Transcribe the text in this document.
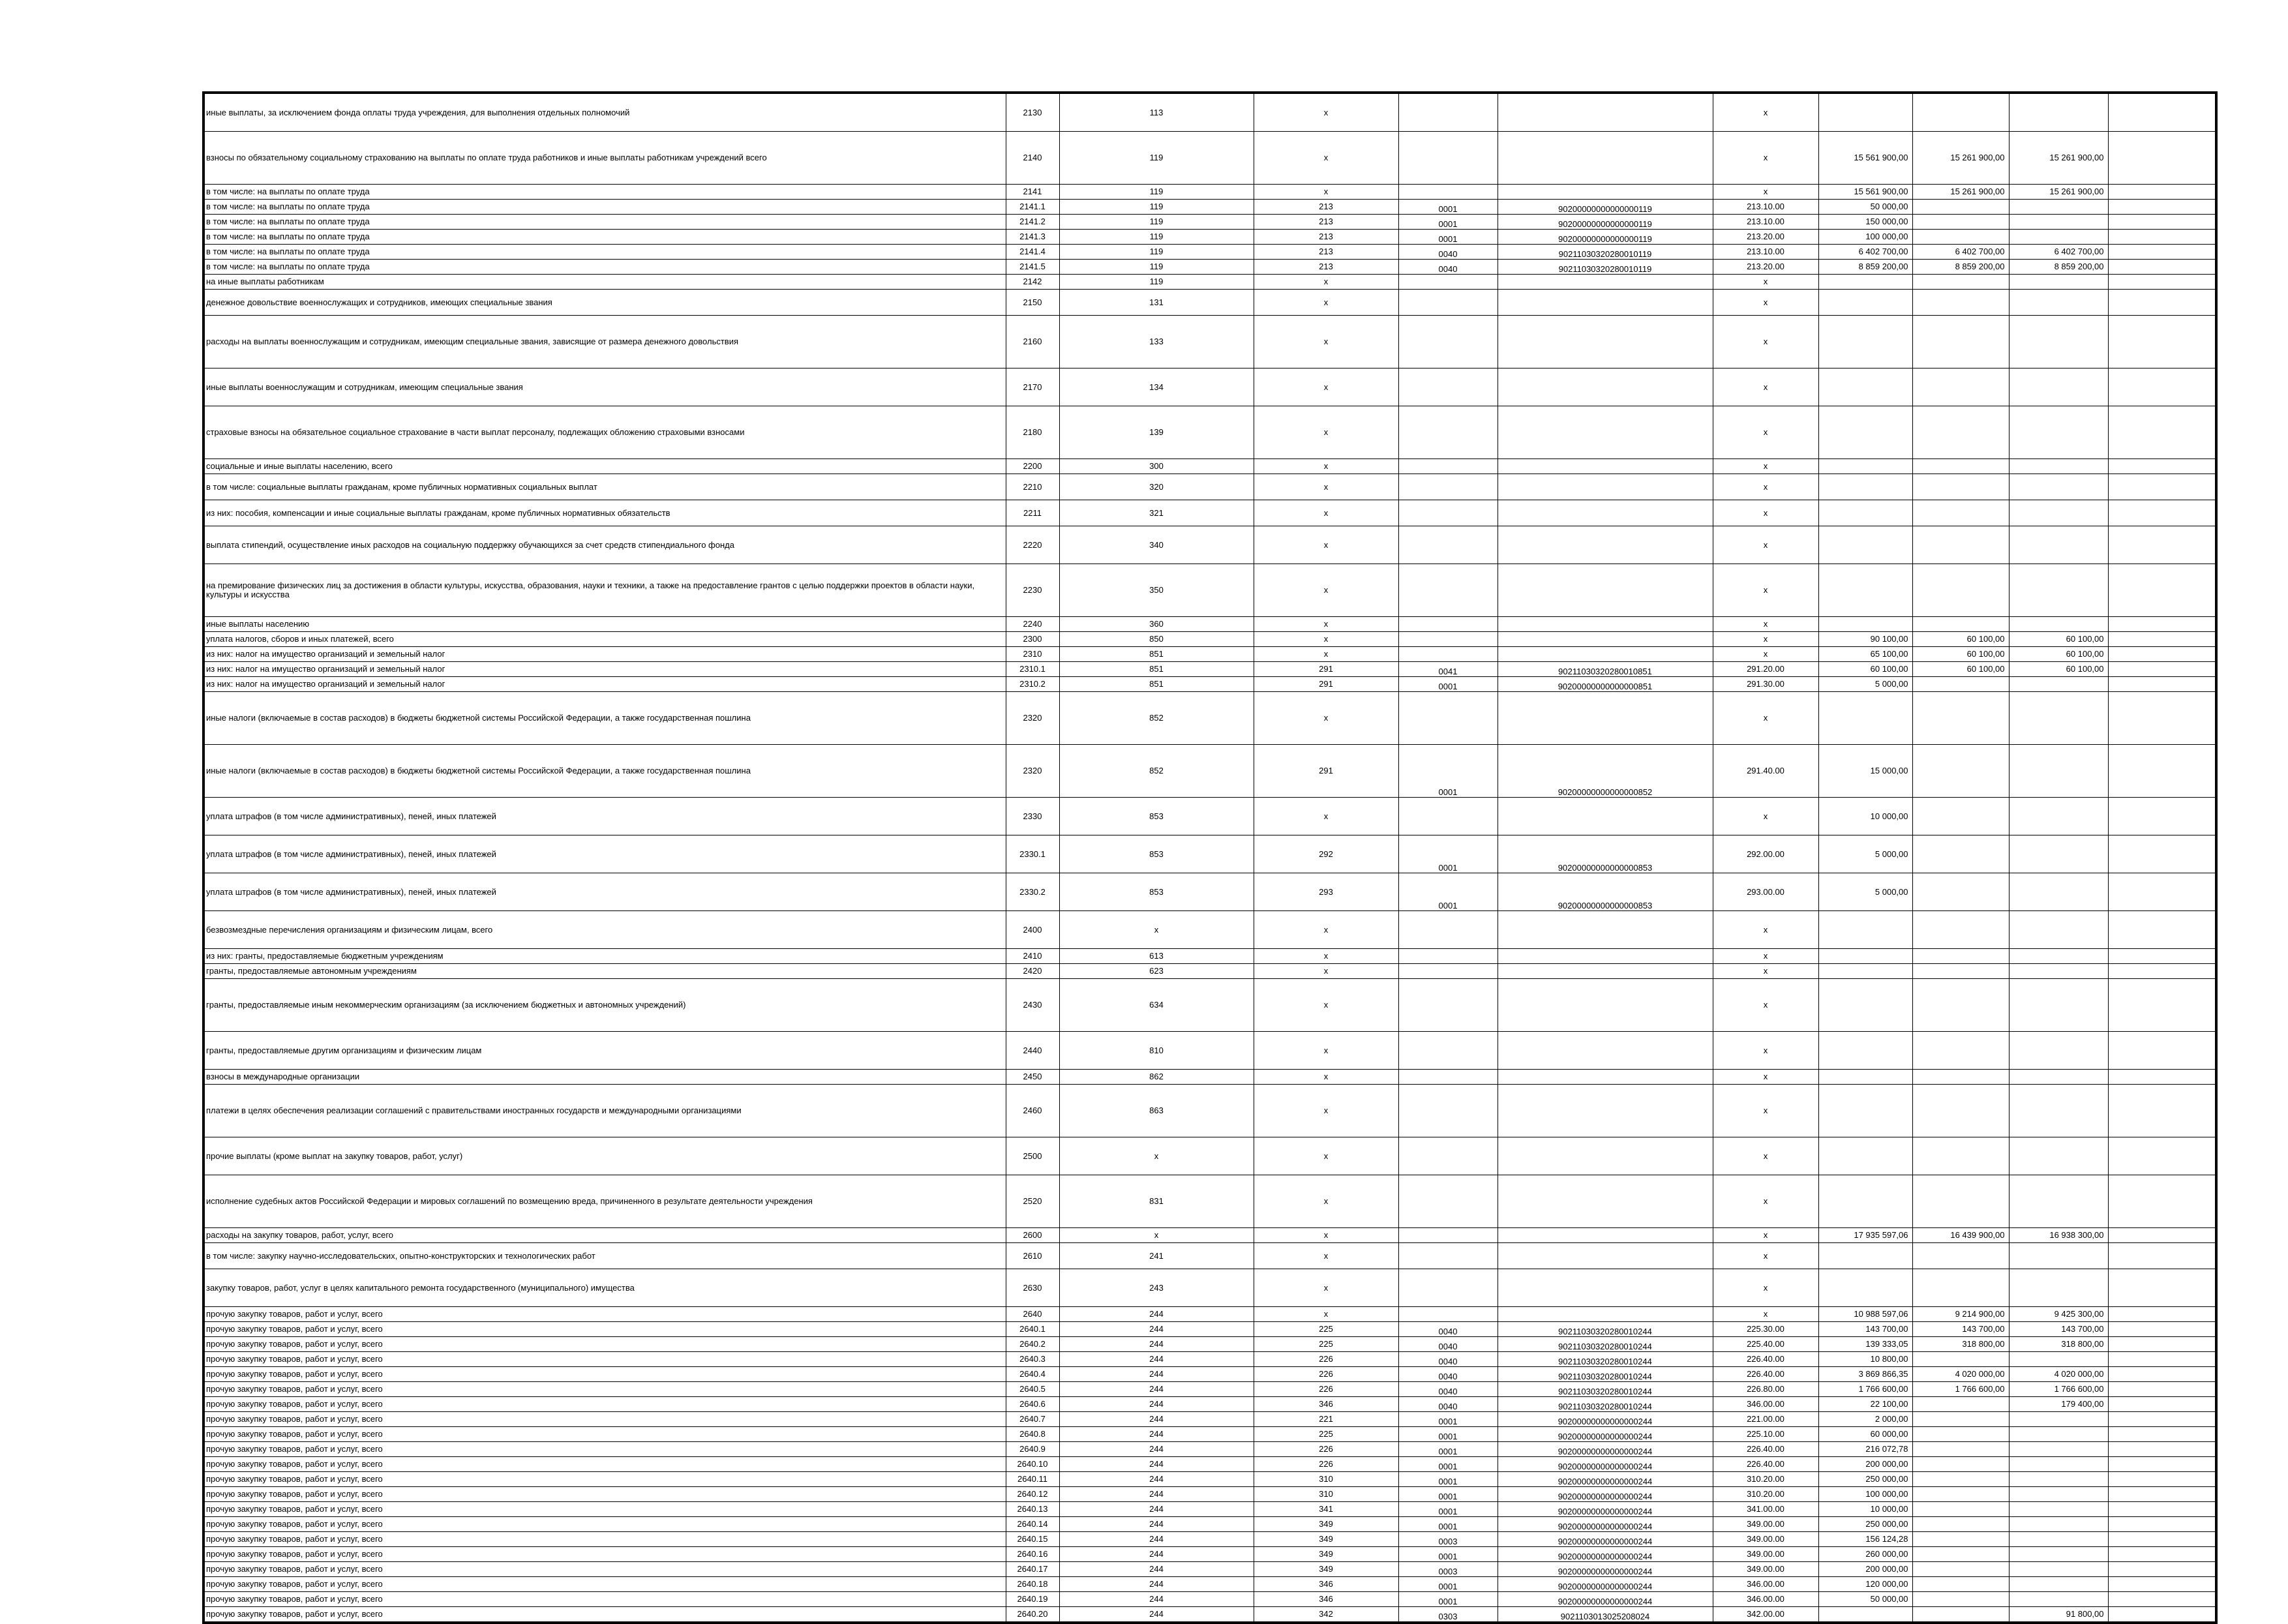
иные выплаты, за исключением фонда оплаты труда учреждения, для выполнения отдельных полномочий	2130	113	x			x				
взносы по обязательному социальному страхованию на выплаты по оплате труда работников и иные выплаты работникам учреждений всего	2140	119	x			x	15 561 900,00	15 261 900,00	15 261 900,00	
в том числе: на выплаты по оплате труда	2141	119	x			x	15 561 900,00	15 261 900,00	15 261 900,00	
в том числе: на выплаты по оплате труда	2141.1	119	213	0001	90200000000000000119	213.10.00	50 000,00			
в том числе: на выплаты по оплате труда	2141.2	119	213	0001	90200000000000000119	213.10.00	150 000,00			
в том числе: на выплаты по оплате труда	2141.3	119	213	0001	90200000000000000119	213.20.00	100 000,00			
в том числе: на выплаты по оплате труда	2141.4	119	213	0040	90211030320280010119	213.10.00	6 402 700,00	6 402 700,00	6 402 700,00	
в том числе: на выплаты по оплате труда	2141.5	119	213	0040	90211030320280010119	213.20.00	8 859 200,00	8 859 200,00	8 859 200,00	
на иные выплаты работникам	2142	119	x			x				
денежное довольствие военнослужащих и сотрудников, имеющих специальные звания	2150	131	x			x				
расходы на выплаты военнослужащим и сотрудникам, имеющим специальные звания, зависящие от размера денежного довольствия	2160	133	x			x				
иные выплаты военнослужащим и сотрудникам, имеющим специальные звания	2170	134	x			x				
страховые взносы на обязательное социальное страхование в части выплат персоналу, подлежащих обложению страховыми взносами	2180	139	x			x				
социальные и иные выплаты населению, всего	2200	300	x			x				
в том числе: социальные выплаты гражданам, кроме публичных нормативных социальных выплат	2210	320	x			x				
из них: пособия, компенсации и иные социальные выплаты гражданам, кроме публичных нормативных обязательств	2211	321	x			x				
выплата стипендий, осуществление иных расходов на социальную поддержку обучающихся за счет средств стипендиального фонда	2220	340	x			x				
на премирование физических лиц за достижения в области культуры, искусства, образования, науки и техники, а также на предоставление грантов с целью поддержки проектов в области науки, культуры и искусства	2230	350	x			x				
иные выплаты населению	2240	360	x			x				
уплата налогов, сборов и иных платежей, всего	2300	850	x			x	90 100,00	60 100,00	60 100,00	
из них: налог на имущество организаций и земельный налог	2310	851	x			x	65 100,00	60 100,00	60 100,00	
из них: налог на имущество организаций и земельный налог	2310.1	851	291	0041	90211030320280010851	291.20.00	60 100,00	60 100,00	60 100,00	
из них: налог на имущество организаций и земельный налог	2310.2	851	291	0001	90200000000000000851	291.30.00	5 000,00			
иные налоги (включаемые в состав расходов) в бюджеты бюджетной системы Российской Федерации, а также государственная пошлина	2320	852	x			x				
иные налоги (включаемые в состав расходов) в бюджеты бюджетной системы Российской Федерации, а также государственная пошлина	2320	852	291	0001	90200000000000000852	291.40.00	15 000,00			
уплата штрафов (в том числе административных), пеней, иных платежей	2330	853	x			x	10 000,00			
уплата штрафов (в том числе административных), пеней, иных платежей	2330.1	853	292	0001	90200000000000000853	292.00.00	5 000,00			
уплата штрафов (в том числе административных), пеней, иных платежей	2330.2	853	293	0001	90200000000000000853	293.00.00	5 000,00			
безвозмездные перечисления организациям и физическим лицам, всего	2400	x	x			x				
из них: гранты, предоставляемые бюджетным учреждениям	2410	613	x			x				
гранты, предоставляемые автономным учреждениям	2420	623	x			x				
гранты, предоставляемые иным некоммерческим организациям (за исключением бюджетных и автономных учреждений)	2430	634	x			x				
гранты, предоставляемые другим организациям и физическим лицам	2440	810	x			x				
взносы в международные организации	2450	862	x			x				
платежи в целях обеспечения реализации соглашений с правительствами иностранных государств и международными организациями	2460	863	x			x				
прочие выплаты (кроме выплат на закупку товаров, работ, услуг)	2500	x	x			x				
исполнение судебных актов Российской Федерации и мировых соглашений по возмещению вреда, причиненного в результате деятельности учреждения	2520	831	x			x				
расходы на закупку товаров, работ, услуг, всего	2600	x	x			x	17 935 597,06	16 439 900,00	16 938 300,00	
в том числе: закупку научно-исследовательских, опытно-конструкторских и технологических работ	2610	241	x			x				
закупку товаров, работ, услуг в целях капитального ремонта государственного (муниципального) имущества	2630	243	x			x				
прочую закупку товаров, работ и услуг, всего	2640	244	x			x	10 988 597,06	9 214 900,00	9 425 300,00	
прочую закупку товаров, работ и услуг, всего	2640.1	244	225	0040	90211030320280010244	225.30.00	143 700,00	143 700,00	143 700,00	
прочую закупку товаров, работ и услуг, всего	2640.2	244	225	0040	90211030320280010244	225.40.00	139 333,05	318 800,00	318 800,00	
прочую закупку товаров, работ и услуг, всего	2640.3	244	226	0040	90211030320280010244	226.40.00	10 800,00			
прочую закупку товаров, работ и услуг, всего	2640.4	244	226	0040	90211030320280010244	226.40.00	3 869 866,35	4 020 000,00	4 020 000,00	
прочую закупку товаров, работ и услуг, всего	2640.5	244	226	0040	90211030320280010244	226.80.00	1 766 600,00	1 766 600,00	1 766 600,00	
прочую закупку товаров, работ и услуг, всего	2640.6	244	346	0040	90211030320280010244	346.00.00	22 100,00		179 400,00	
прочую закупку товаров, работ и услуг, всего	2640.7	244	221	0001	90200000000000000244	221.00.00	2 000,00			
прочую закупку товаров, работ и услуг, всего	2640.8	244	225	0001	90200000000000000244	225.10.00	60 000,00			
прочую закупку товаров, работ и услуг, всего	2640.9	244	226	0001	90200000000000000244	226.40.00	216 072,78			
прочую закупку товаров, работ и услуг, всего	2640.10	244	226	0001	90200000000000000244	226.40.00	200 000,00			
прочую закупку товаров, работ и услуг, всего	2640.11	244	310	0001	90200000000000000244	310.20.00	250 000,00			
прочую закупку товаров, работ и услуг, всего	2640.12	244	310	0001	90200000000000000244	310.20.00	100 000,00			
прочую закупку товаров, работ и услуг, всего	2640.13	244	341	0001	90200000000000000244	341.00.00	10 000,00			
прочую закупку товаров, работ и услуг, всего	2640.14	244	349	0001	90200000000000000244	349.00.00	250 000,00			
прочую закупку товаров, работ и услуг, всего	2640.15	244	349	0003	90200000000000000244	349.00.00	156 124,28			
прочую закупку товаров, работ и услуг, всего	2640.16	244	349	0001	90200000000000000244	349.00.00	260 000,00			
прочую закупку товаров, работ и услуг, всего	2640.17	244	349	0003	90200000000000000244	349.00.00	200 000,00			
прочую закупку товаров, работ и услуг, всего	2640.18	244	346	0001	90200000000000000244	346.00.00	120 000,00			
прочую закупку товаров, работ и услуг, всего	2640.19	244	346	0001	90200000000000000244	346.00.00	50 000,00			
прочую закупку товаров, работ и услуг, всего	2640.20	244	342	0303	9021103013025208024	342.00.00			91 800,00	
